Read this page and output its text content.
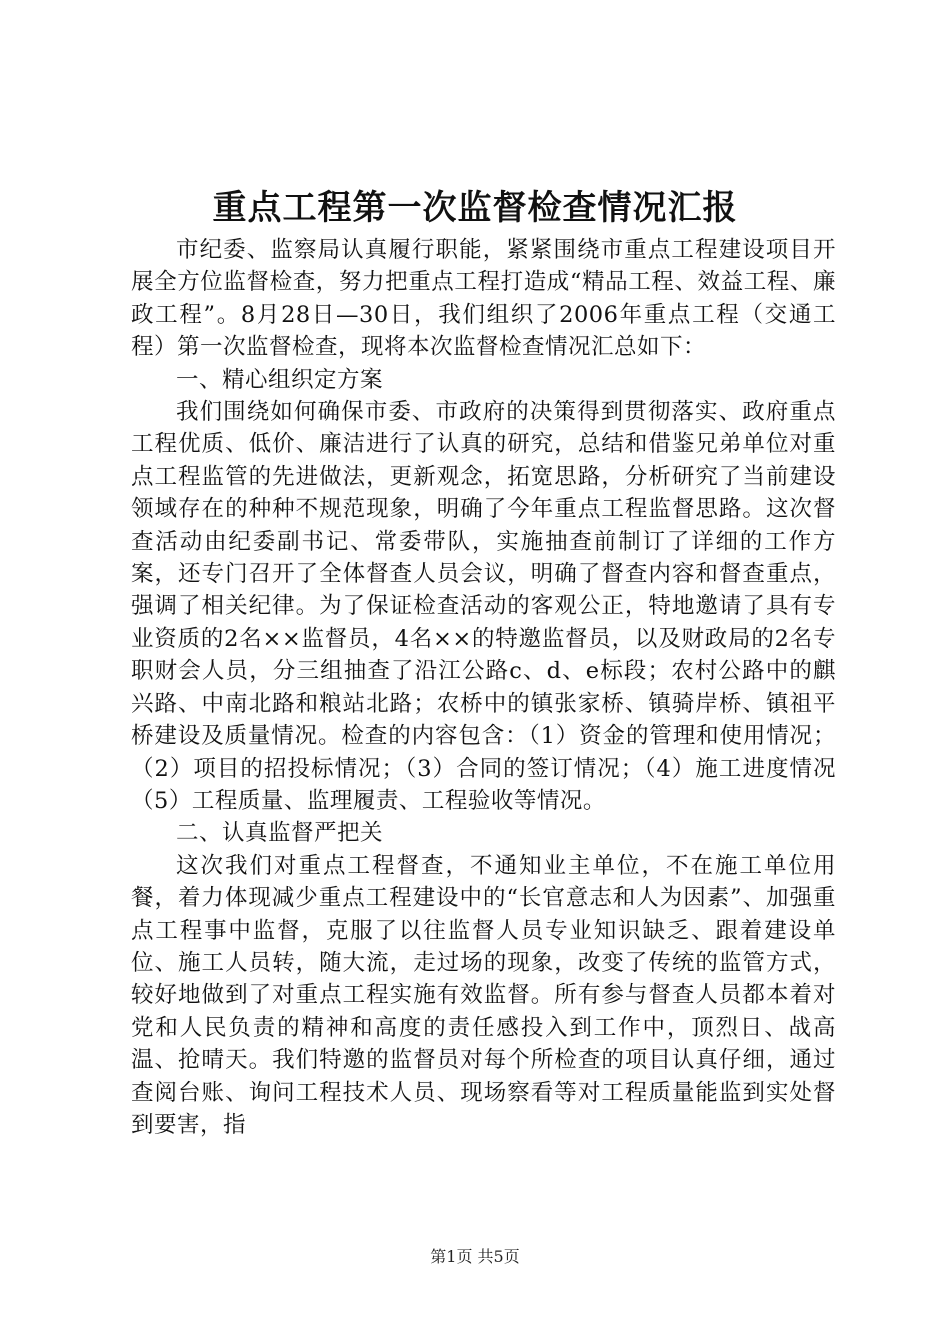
重点工程第一次监督检查情况汇报

市纪委、监察局认真履行职能，紧紧围绕市重点工程建设项目开展全方位监督检查，努力把重点工程打造成“精品工程、效益工程、廉政工程”。8月28日—30日，我们组织了2006年重点工程（交通工程）第一次监督检查，现将本次监督检查情况汇总如下：

一、精心组织定方案

我们围绕如何确保市委、市政府的决策得到贯彻落实、政府重点工程优质、低价、廉洁进行了认真的研究，总结和借鉴兄弟单位对重点工程监管的先进做法，更新观念，拓宽思路，分析研究了当前建设领域存在的种种不规范现象，明确了今年重点工程监督思路。这次督查活动由纪委副书记、常委带队，实施抽查前制订了详细的工作方案，还专门召开了全体督查人员会议，明确了督查内容和督查重点，强调了相关纪律。为了保证检查活动的客观公正，特地邀请了具有专业资质的2名××监督员，4名××的特邀监督员，以及财政局的2名专职财会人员，分三组抽查了沿江公路c、d、e标段；农村公路中的麒兴路、中南北路和粮站北路；农桥中的镇张家桥、镇骑岸桥、镇祖平桥建设及质量情况。检查的内容包含：（1）资金的管理和使用情况；（2）项目的招投标情况；（3）合同的签订情况；（4）施工进度情况（5）工程质量、监理履责、工程验收等情况。

二、认真监督严把关

这次我们对重点工程督查，不通知业主单位，不在施工单位用餐，着力体现减少重点工程建设中的“长官意志和人为因素”、加强重点工程事中监督，克服了以往监督人员专业知识缺乏、跟着建设单位、施工人员转，随大流，走过场的现象，改变了传统的监管方式，较好地做到了对重点工程实施有效监督。所有参与督查人员都本着对党和人民负责的精神和高度的责任感投入到工作中，顶烈日、战高温、抢晴天。我们特邀的监督员对每个所检查的项目认真仔细，通过查阅台账、询问工程技术人员、现场察看等对工程质量能监到实处督到要害，指

第1页 共5页
